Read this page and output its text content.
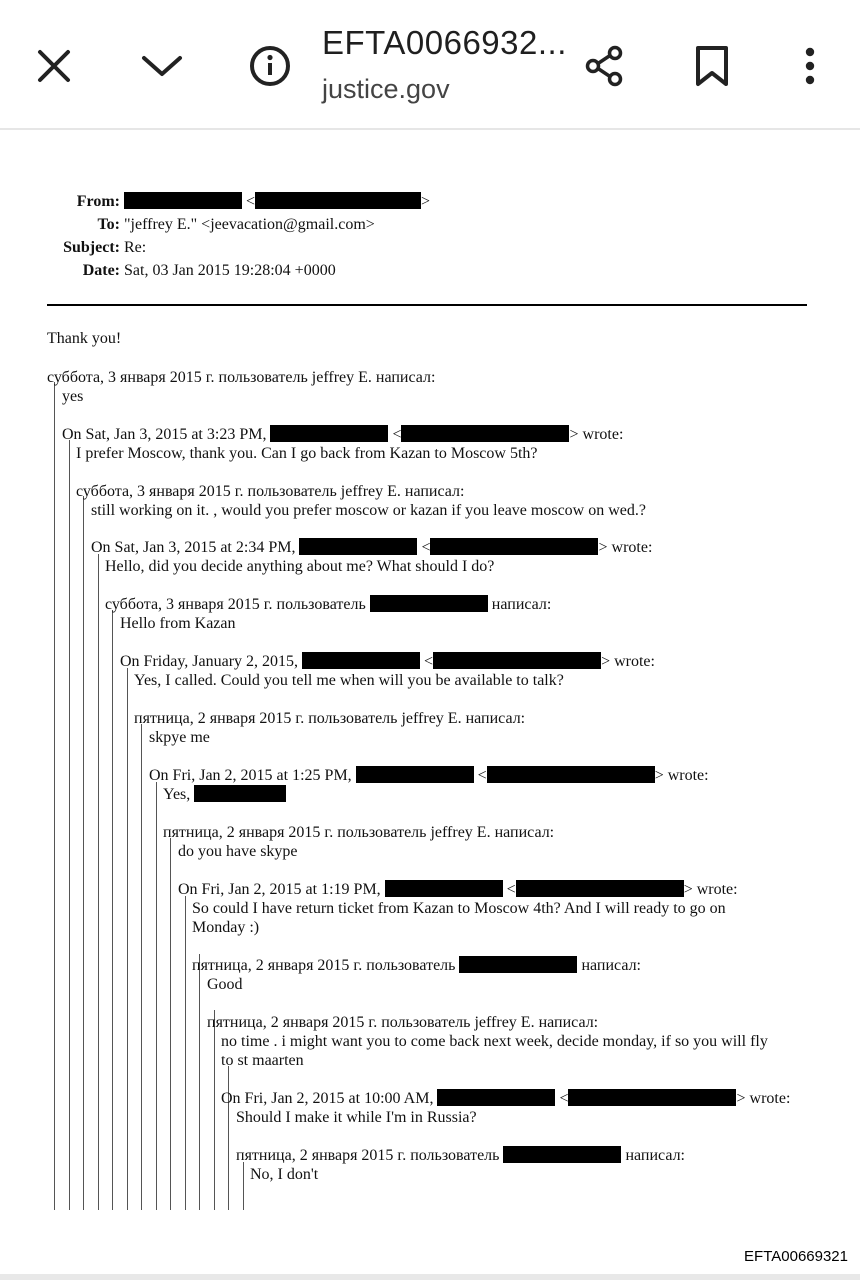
EFTA0066932...
justice.gov
From:	<	>
To: "jeffrey E." <jeevacation@gmail.com>
Subject: Re:
Date: Sat, 03 Jan 2015 19:28:04 +0000
Thank you!
суббота, 3 января 2015 г. пользователь jeffrey E. написал:
yes
On Sat, Jan 3, 2015 at 3:23 PM,	<	> wrote:
I prefer Moscow, thank you. Can I go back from Kazan to Moscow 5th?
суббота, 3 января 2015 г. пользователь jeffrey E. написал:
still working on it. , would you prefer moscow or kazan if you leave moscow on wed.?
On Sat, Jan 3, 2015 at 2:34 PM,	<	> wrote:
Hello, did you decide anything about me? What should I do?
суббота, 3 января 2015 г. пользователь	написал:
Hello from Kazan
On Friday, January 2, 2015,	<	> wrote:
Yes, I called. Could you tell me when will you be available to talk?
пятница, 2 января 2015 г. пользователь jeffrey E. написал:
skpye me
On Fri, Jan 2, 2015 at 1:25 PM,	<	> wrote:
Yes,
пятница, 2 января 2015 г. пользователь jeffrey E. написал:
do you have skype
On Fri, Jan 2, 2015 at 1:19 PM,	<	> wrote:
So could I have return ticket from Kazan to Moscow 4th? And I will ready to go on
Monday :)
пятница, 2 января 2015 г. пользователь	написал:
Good
пятница, 2 января 2015 г. пользователь jeffrey E. написал:
no time . i might want you to come back next week, decide monday, if so you will fly
to st maarten
On Fri, Jan 2, 2015 at 10:00 AM,	<	> wrote:
Should I make it while I'm in Russia?
пятница, 2 января 2015 г. пользователь	написал:
No, I don't
EFTA00669321
